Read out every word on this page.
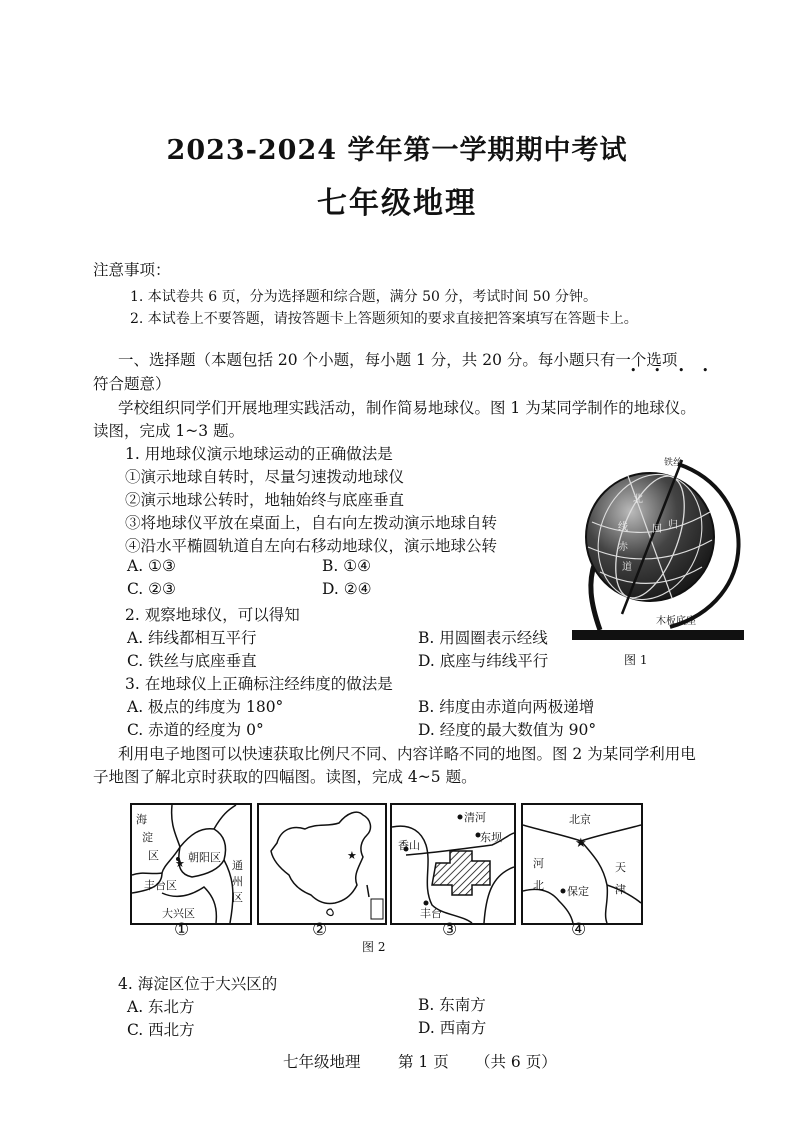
2023-2024 学年第一学期期中考试
七年级地理
注意事项：
1. 本试卷共 6 页，分为选择题和综合题，满分 50 分，考试时间 50 分钟。
2. 本试卷上不要答题，请按答题卡上答题须知的要求直接把答案填写在答题卡上。
一、选择题（本题包括 20 个小题，每小题 1 分，共 20 分。每小题只有一个选项
• • • •
符合题意）
学校组织同学们开展地理实践活动，制作简易地球仪。图 1 为某同学制作的地球仪。
读图，完成 1~3 题。
1. 用地球仪演示地球运动的正确做法是
①演示地球自转时，尽量匀速拨动地球仪
②演示地球公转时，地轴始终与底座垂直
③将地球仪平放在桌面上，自右向左拨动演示地球自转
④沿水平椭圆轨道自左向右移动地球仪，演示地球公转
A. ①③	B. ①④
C. ②③	D. ②④
2. 观察地球仪，可以得知
A. 纬线都相互平行	B. 用圆圈表示经线
C. 铁丝与底座垂直	D. 底座与纬线平行
3. 在地球仪上正确标注经纬度的做法是
A. 极点的纬度为 180°	B. 纬度由赤道向两极递增
C. 赤道的经度为 0°	D. 经度的最大数值为 90°
北
回 归
线
赤
道
铁丝
木板底座
图 1
利用电子地图可以快速获取比例尺不同、内容详略不同的地图。图 2 为某同学利用电
子地图了解北京时获取的四幅图。读图，完成 4~5 题。
★
海
淀
区	朝阳区
丰台区
通
州
区
大兴区
①
★
②
清河
东坝
香山
丰台
③
★
北京
河
北
天
津
保定
④
图 2
4. 海淀区位于大兴区的
A. 东北方	B. 东南方
C. 西北方	D. 西南方
七年级地理 第 1 页 （共 6 页）
